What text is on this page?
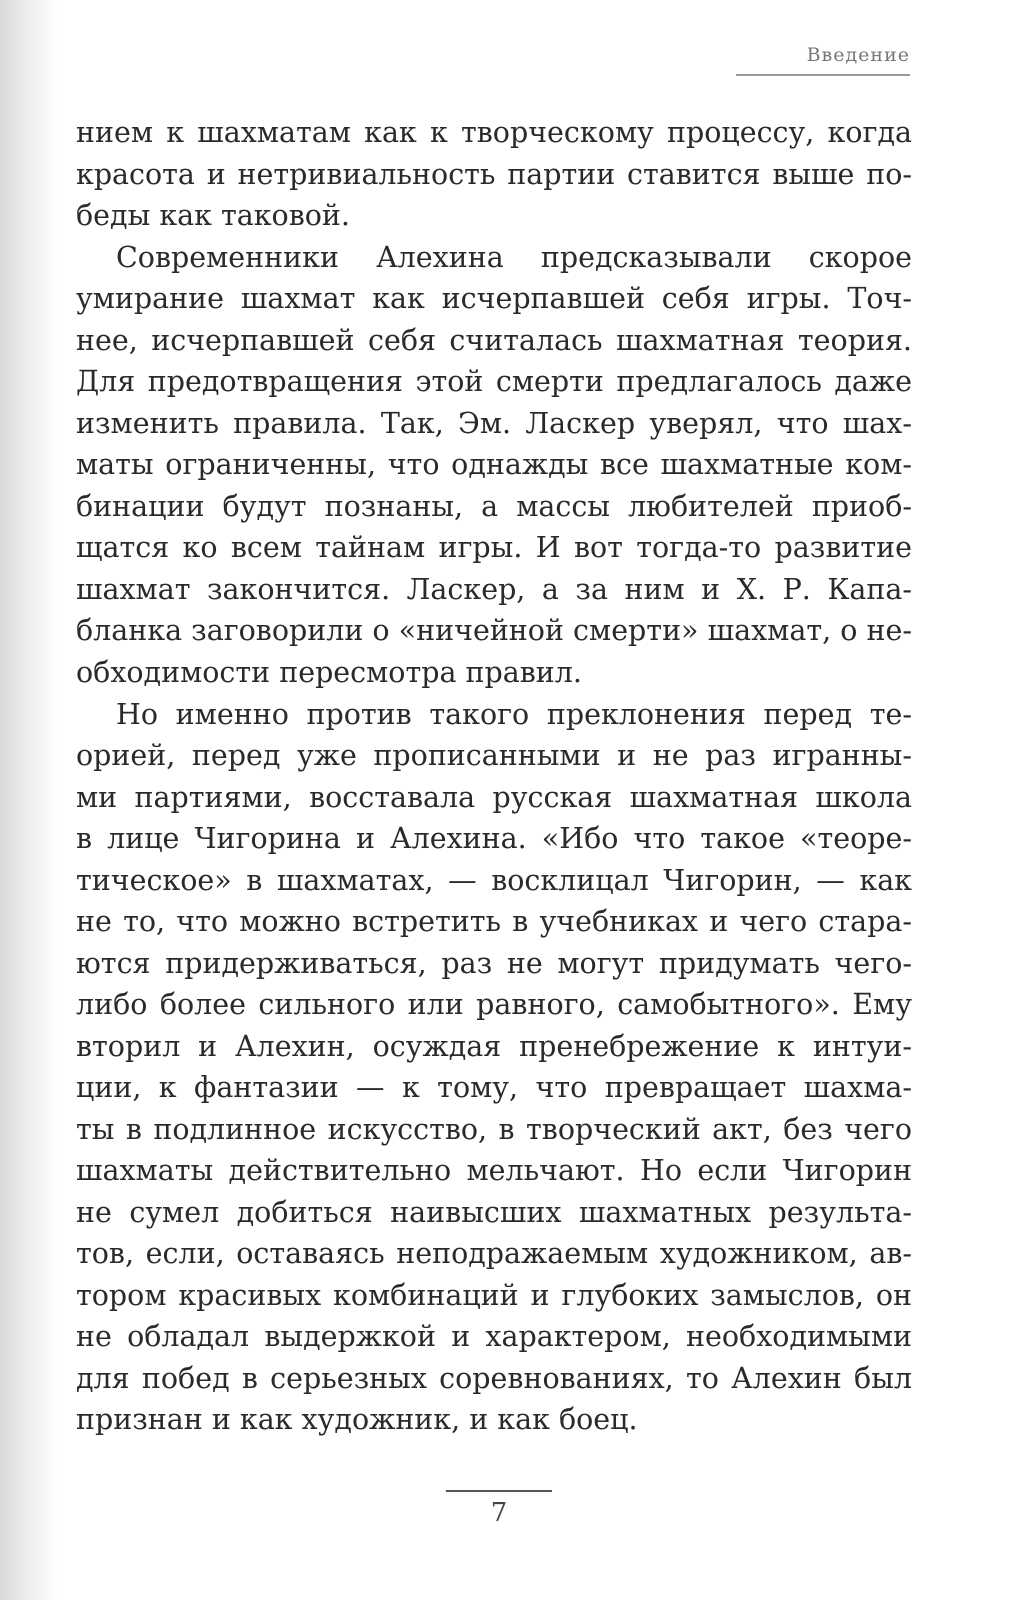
Введение
нием к шахматам как к творческому процессу, когда
красота и нетривиальность партии ставится выше по-
беды как таковой.
Современники Алехина предсказывали скорое
умирание шахмат как исчерпавшей себя игры. Точ-
нее, исчерпавшей себя считалась шахматная теория.
Для предотвращения этой смерти предлагалось даже
изменить правила. Так, Эм. Ласкер уверял, что шах-
маты ограниченны, что однажды все шахматные ком-
бинации будут познаны, а массы любителей приоб-
щатся ко всем тайнам игры. И вот тогда-то развитие
шахмат закончится. Ласкер, а за ним и Х. Р. Капа-
бланка заговорили о «ничейной смерти» шахмат, о не-
обходимости пересмотра правил.
Но именно против такого преклонения перед те-
орией, перед уже прописанными и не раз игранны-
ми партиями, восставала русская шахматная школа
в лице Чигорина и Алехина. «Ибо что такое «теоре-
тическое» в шахматах, — восклицал Чигорин, — как
не то, что можно встретить в учебниках и чего стара-
ются придерживаться, раз не могут придумать чего-
либо более сильного или равного, самобытного». Ему
вторил и Алехин, осуждая пренебрежение к интуи-
ции, к фантазии — к тому, что превращает шахма-
ты в подлинное искусство, в творческий акт, без чего
шахматы действительно мельчают. Но если Чигорин
не сумел добиться наивысших шахматных результа-
тов, если, оставаясь неподражаемым художником, ав-
тором красивых комбинаций и глубоких замыслов, он
не обладал выдержкой и характером, необходимыми
для побед в серьезных соревнованиях, то Алехин был
признан и как художник, и как боец.
7
